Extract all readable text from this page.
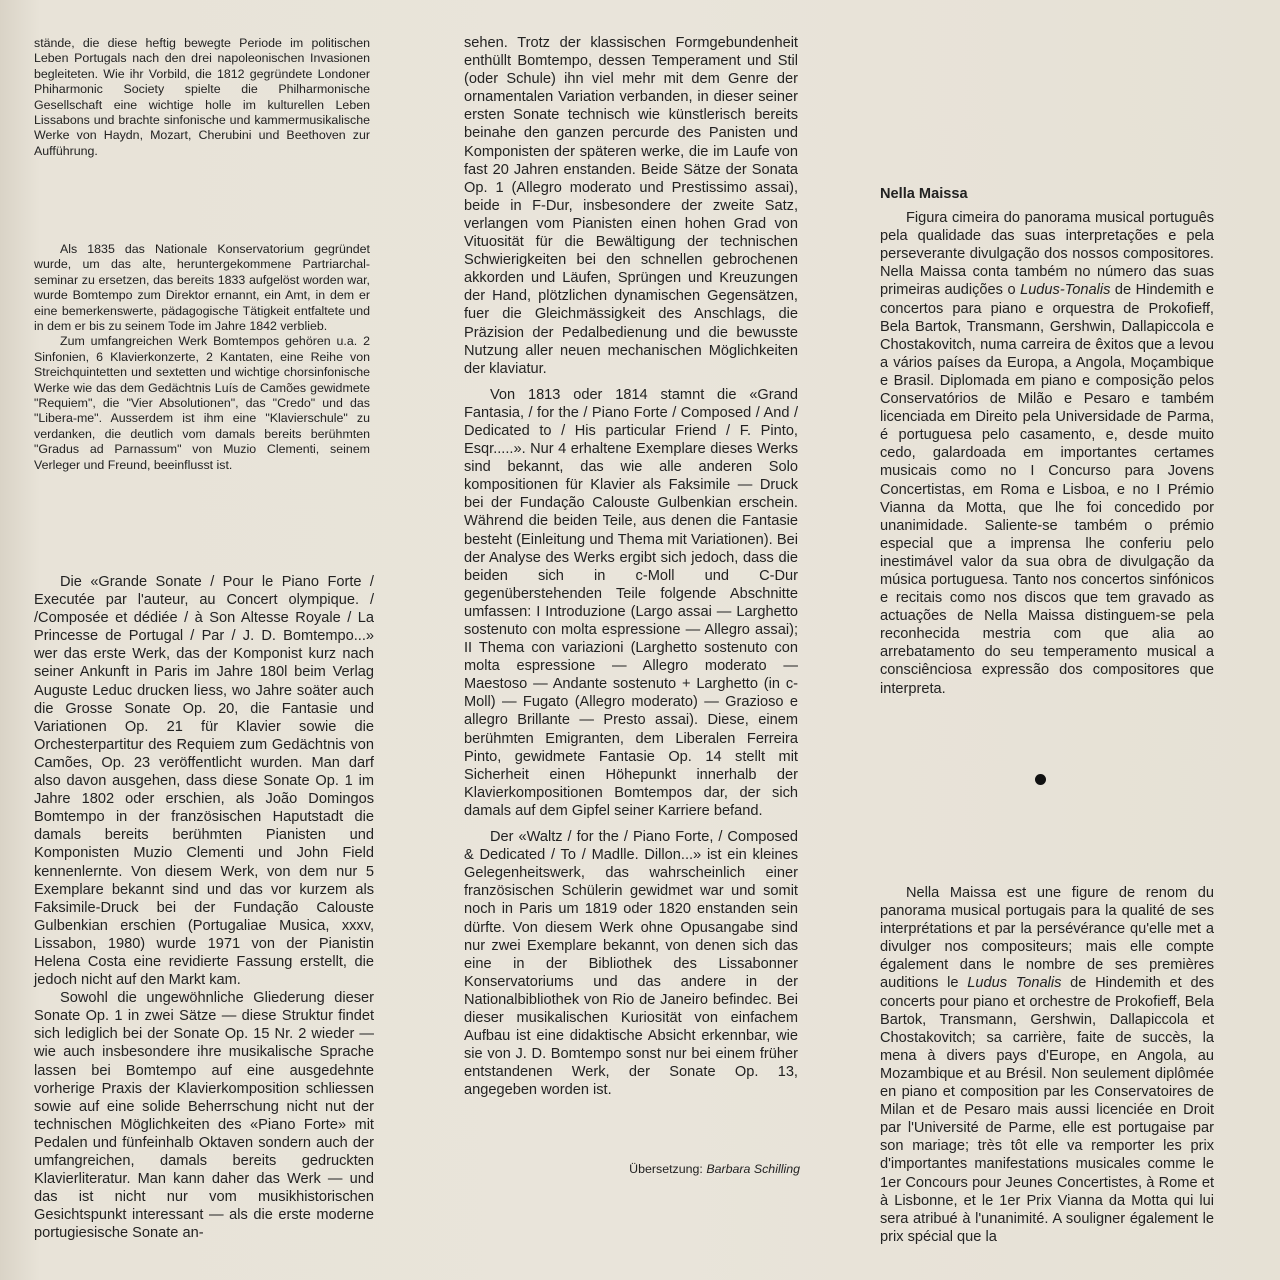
stände, die diese heftig bewegte Periode im politischen Leben Portugals nach den drei napoleonischen Invasionen begleiteten. Wie ihr Vorbild, die 1812 gegründete Londoner Phiharmonic Society spielte die Philharmonische Gesellschaft eine wichtige holle im kulturellen Leben Lissabons und brachte sinfonische und kammermusikalische Werke von Haydn, Mozart, Cherubini und Beethoven zur Aufführung.

Als 1835 das Nationale Konservatorium gegründet wurde, um das alte, heruntergekommene Partriarchal-seminar zu ersetzen, das bereits 1833 aufgelöst worden war, wurde Bomtempo zum Direktor ernannt, ein Amt, in dem er eine bemerkenswerte, pädagogische Tätigkeit entfaltete und in dem er bis zu seinem Tode im Jahre 1842 verblieb.

Zum umfangreichen Werk Bomtempos gehören u.a. 2 Sinfonien, 6 Klavierkonzerte, 2 Kantaten, eine Reihe von Streichquintetten und sextetten und wichtige chorsinfonische Werke wie das dem Gedächtnis Luís de Camões gewidmete "Requiem", die "Vier Absolutionen", das "Credo" und das "Libera-me". Ausserdem ist ihm eine "Klavierschule" zu verdanken, die deutlich vom damals bereits berühmten "Gradus ad Parnassum" von Muzio Clementi, seinem Verleger und Freund, beeinflusst ist.

Die «Grande Sonate / Pour le Piano Forte / Executée par l'auteur, au Concert olympique. / /Composée et dédiée / à Son Altesse Royale / La Princesse de Portugal / Par / J. D. Bomtempo...» wer das erste Werk, das der Komponist kurz nach seiner Ankunft in Paris im Jahre 180l beim Verlag Auguste Leduc drucken liess, wo Jahre soäter auch die Grosse Sonate Op. 20, die Fantasie und Variationen Op. 21 für Klavier sowie die Orchesterpartitur des Requiem zum Gedächtnis von Camões, Op. 23 veröffentlicht wurden. Man darf also davon ausgehen, dass diese Sonate Op. 1 im Jahre 1802 oder erschien, als João Domingos Bomtempo in der französischen Haputstadt die damals bereits berühmten Pianisten und Komponisten Muzio Clementi und John Field kennenlernte. Von diesem Werk, von dem nur 5 Exemplare bekannt sind und das vor kurzem als Faksimile-Druck bei der Fundação Calouste Gulbenkian erschien (Portugaliae Musica, xxxv, Lissabon, 1980) wurde 1971 von der Pianistin Helena Costa eine revidierte Fassung erstellt, die jedoch nicht auf den Markt kam.

Sowohl die ungewöhnliche Gliederung dieser Sonate Op. 1 in zwei Sätze — diese Struktur findet sich lediglich bei der Sonate Op. 15 Nr. 2 wieder — wie auch insbesondere ihre musikalische Sprache lassen bei Bomtempo auf eine ausgedehnte vorherige Praxis der Klavierkomposition schliessen sowie auf eine solide Beherrschung nicht nut der technischen Möglichkeiten des «Piano Forte» mit Pedalen und fünfeinhalb Oktaven sondern auch der umfangreichen, damals bereits gedruckten Klavierliteratur. Man kann daher das Werk — und das ist nicht nur vom musikhistorischen Gesichtspunkt interessant — als die erste moderne portugiesische Sonate an-

sehen. Trotz der klassischen Formgebundenheit enthüllt Bomtempo, dessen Temperament und Stil (oder Schule) ihn viel mehr mit dem Genre der ornamentalen Variation verbanden, in dieser seiner ersten Sonate technisch wie künstlerisch bereits beinahe den ganzen percurde des Panisten und Komponisten der späteren werke, die im Laufe von fast 20 Jahren enstanden. Beide Sätze der Sonata Op. 1 (Allegro moderato und Prestissimo assai), beide in F-Dur, insbesondere der zweite Satz, verlangen vom Pianisten einen hohen Grad von Vituosität für die Bewältigung der technischen Schwierigkeiten bei den schnellen gebrochenen akkorden und Läufen, Sprüngen und Kreuzungen der Hand, plötzlichen dynamischen Gegensätzen, fuer die Gleichmässigkeit des Anschlags, die Präzision der Pedalbedienung und die bewusste Nutzung aller neuen mechanischen Möglichkeiten der klaviatur.

Von 1813 oder 1814 stamnt die «Grand Fantasia, / for the / Piano Forte / Composed / And / Dedicated to / His particular Friend / F. Pinto, Esqr.....». Nur 4 erhaltene Exemplare dieses Werks sind bekannt, das wie alle anderen Solo kompositionen für Klavier als Faksimile — Druck bei der Fundação Calouste Gulbenkian erschein. Während die beiden Teile, aus denen die Fantasie besteht (Einleitung und Thema mit Variationen). Bei der Analyse des Werks ergibt sich jedoch, dass die beiden sich in c-Moll und C-Dur gegenüberstehenden Teile folgende Abschnitte umfassen: I Introduzione (Largo assai — Larghetto sostenuto con molta espressione — Allegro assai); II Thema con variazioni (Larghetto sostenuto con molta espressione — Allegro moderato — Maestoso — Andante sostenuto + Larghetto (in c-Moll) — Fugato (Allegro moderato) — Grazioso e allegro Brillante — Presto assai). Diese, einem berühmten Emigranten, dem Liberalen Ferreira Pinto, gewidmete Fantasie Op. 14 stellt mit Sicherheit einen Höhepunkt innerhalb der Klavierkompositionen Bomtempos dar, der sich damals auf dem Gipfel seiner Karriere befand.

Der «Waltz / for the / Piano Forte, / Composed & Dedicated / To / Madlle. Dillon...» ist ein kleines Gelegenheitswerk, das wahrscheinlich einer französischen Schülerin gewidmet war und somit noch in Paris um 1819 oder 1820 enstanden sein dürfte. Von diesem Werk ohne Opusangabe sind nur zwei Exemplare bekannt, von denen sich das eine in der Bibliothek des Lissabonner Konservatoriums und das andere in der Nationalbibliothek von Rio de Janeiro befindec. Bei dieser musikalischen Kuriosität von einfachem Aufbau ist eine didaktische Absicht erkennbar, wie sie von J. D. Bomtempo sonst nur bei einem früher entstandenen Werk, der Sonate Op. 13, angegeben worden ist.

Übersetzung: Barbara Schilling

Nella Maissa

Figura cimeira do panorama musical português pela qualidade das suas interpretações e pela perseverante divulgação dos nossos compositores. Nella Maissa conta também no número das suas primeiras audições o Ludus-Tonalis de Hindemith e concertos para piano e orquestra de Prokofieff, Bela Bartok, Transmann, Gershwin, Dallapiccola e Chostakovitch, numa carreira de êxitos que a levou a vários países da Europa, a Angola, Moçambique e Brasil. Diplomada em piano e composição pelos Conservatórios de Milão e Pesaro e também licenciada em Direito pela Universidade de Parma, é portuguesa pelo casamento, e, desde muito cedo, galardoada em importantes certames musicais como no I Concurso para Jovens Concertistas, em Roma e Lisboa, e no I Prémio Vianna da Motta, que lhe foi concedido por unanimidade. Saliente-se também o prémio especial que a imprensa lhe conferiu pelo inestimável valor da sua obra de divulgação da música portuguesa. Tanto nos concertos sinfónicos e recitais como nos discos que tem gravado as actuações de Nella Maissa distinguem-se pela reconhecida mestria com que alia ao arrebatamento do seu temperamento musical a consciênciosa expressão dos compositores que interpreta.

Nella Maissa est une figure de renom du panorama musical portugais para la qualité de ses interprétations et par la persévérance qu'elle met a divulger nos compositeurs; mais elle compte également dans le nombre de ses premières auditions le Ludus Tonalis de Hindemith et des concerts pour piano et orchestre de Prokofieff, Bela Bartok, Transmann, Gershwin, Dallapiccola et Chostakovitch; sa carrière, faite de succès, la mena à divers pays d'Europe, en Angola, au Mozambique et au Brésil. Non seulement diplômée en piano et composition par les Conservatoires de Milan et de Pesaro mais aussi licenciée en Droit par l'Université de Parme, elle est portugaise par son mariage; très tôt elle va remporter les prix d'importantes manifestations musicales comme le 1er Concours pour Jeunes Concertistes, à Rome et à Lisbonne, et le 1er Prix Vianna da Motta qui lui sera atribué à l'unanimité. A souligner également le prix spécial que la
